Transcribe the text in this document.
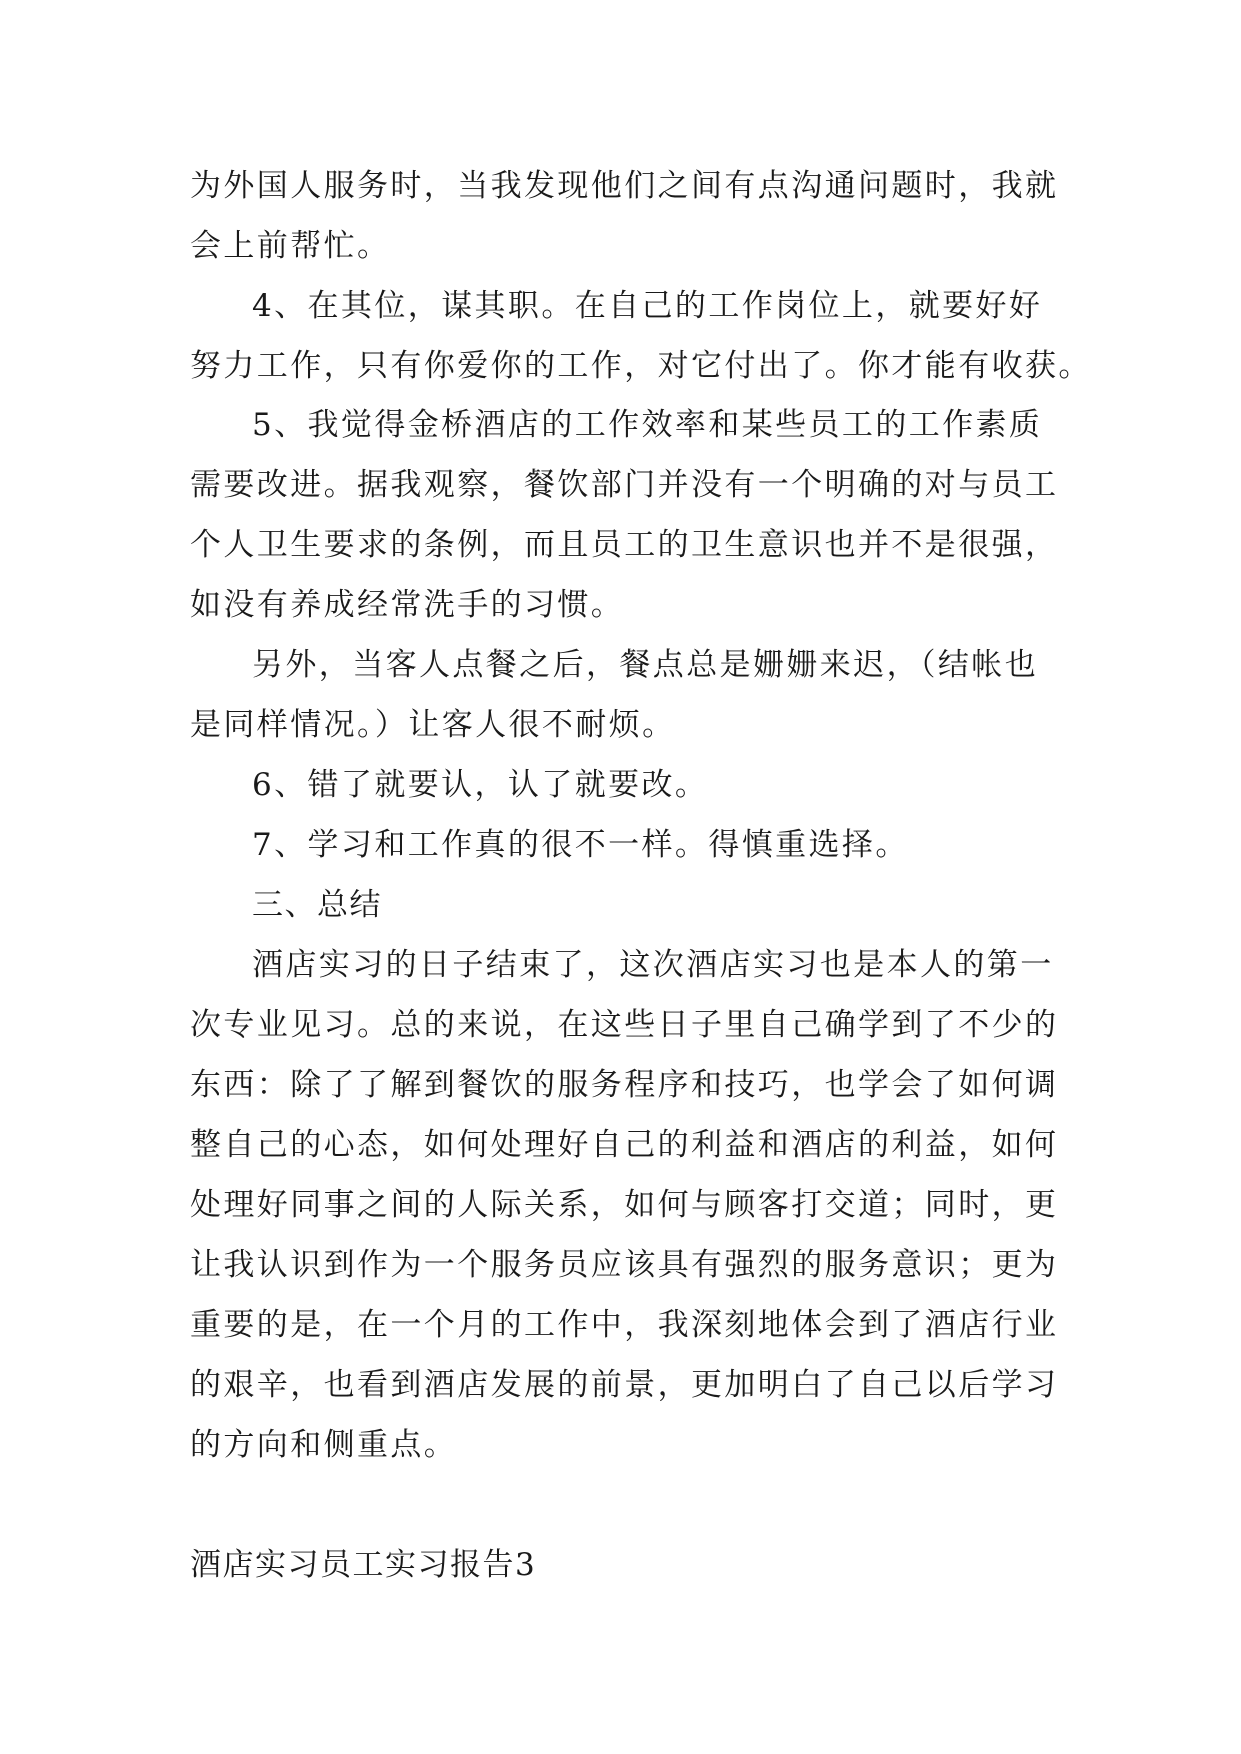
为外国人服务时，当我发现他们之间有点沟通问题时，我就
会上前帮忙。
4、在其位，谋其职。在自己的工作岗位上，就要好好
努力工作，只有你爱你的工作，对它付出了。你才能有收获。
5、我觉得金桥酒店的工作效率和某些员工的工作素质
需要改进。据我观察，餐饮部门并没有一个明确的对与员工
个人卫生要求的条例，而且员工的卫生意识也并不是很强，
如没有养成经常洗手的习惯。
另外，当客人点餐之后，餐点总是姗姗来迟，（结帐也
是同样情况。）让客人很不耐烦。
6、错了就要认，认了就要改。
7、学习和工作真的很不一样。得慎重选择。
三、总结
酒店实习的日子结束了，这次酒店实习也是本人的第一
次专业见习。总的来说，在这些日子里自己确学到了不少的
东西：除了了解到餐饮的服务程序和技巧，也学会了如何调
整自己的心态，如何处理好自己的利益和酒店的利益，如何
处理好同事之间的人际关系，如何与顾客打交道；同时，更
让我认识到作为一个服务员应该具有强烈的服务意识；更为
重要的是，在一个月的工作中，我深刻地体会到了酒店行业
的艰辛，也看到酒店发展的前景，更加明白了自己以后学习
的方向和侧重点。
酒店实习员工实习报告3
